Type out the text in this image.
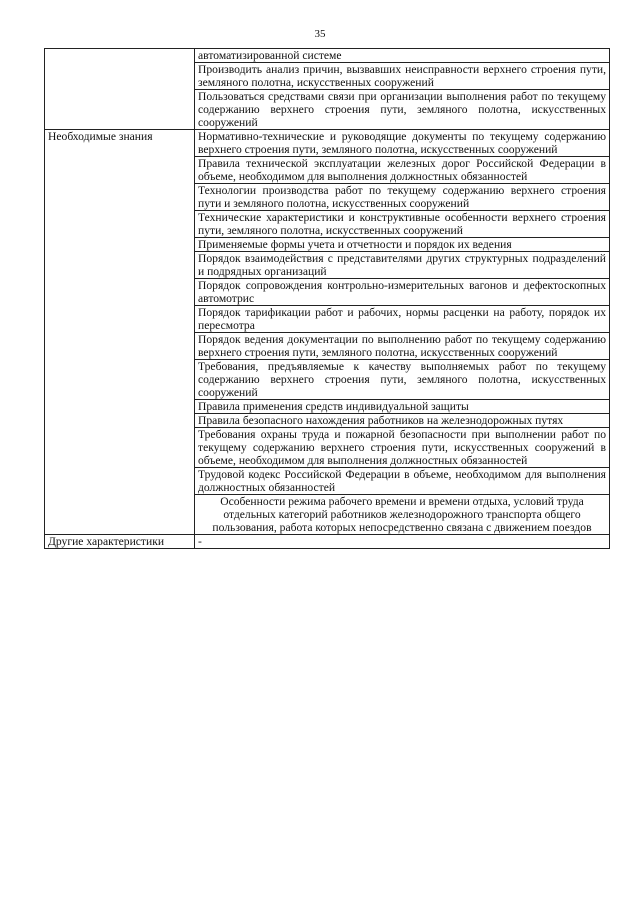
35
	автоматизированной системе
	Производить анализ причин, вызвавших неисправности верхнего строения пути, земляного полотна, искусственных сооружений
	Пользоваться средствами связи при организации выполнения работ по текущему содержанию верхнего строения пути, земляного полотна, искусственных сооружений
Необходимые знания	Нормативно-технические и руководящие документы по текущему содержанию верхнего строения пути, земляного полотна, искусственных сооружений
	Правила технической эксплуатации железных дорог Российской Федерации в объеме, необходимом для выполнения должностных обязанностей
	Технологии производства работ по текущему содержанию верхнего строения пути и земляного полотна, искусственных сооружений
	Технические характеристики и конструктивные особенности верхнего строения пути, земляного полотна, искусственных сооружений
	Применяемые формы учета и отчетности и порядок их ведения
	Порядок взаимодействия с представителями других структурных подразделений и подрядных организаций
	Порядок сопровождения контрольно-измерительных вагонов и дефектоскопных автомотрис
	Порядок тарификации работ и рабочих, нормы расценки на работу, порядок их пересмотра
	Порядок ведения документации по выполнению работ по текущему содержанию верхнего строения пути, земляного полотна, искусственных сооружений
	Требования, предъявляемые к качеству выполняемых работ по текущему содержанию верхнего строения пути, земляного полотна, искусственных сооружений
	Правила применения средств индивидуальной защиты
	Правила безопасного нахождения работников на железнодорожных путях
	Требования охраны труда и пожарной безопасности при выполнении работ по текущему содержанию верхнего строения пути, искусственных сооружений в объеме, необходимом для выполнения должностных обязанностей
	Трудовой кодекс Российской Федерации в объеме, необходимом для выполнения должностных обязанностей
	Особенности режима рабочего времени и времени отдыха, условий труда отдельных категорий работников железнодорожного транспорта общего пользования, работа которых непосредственно связана с движением поездов
Другие характеристики	-
